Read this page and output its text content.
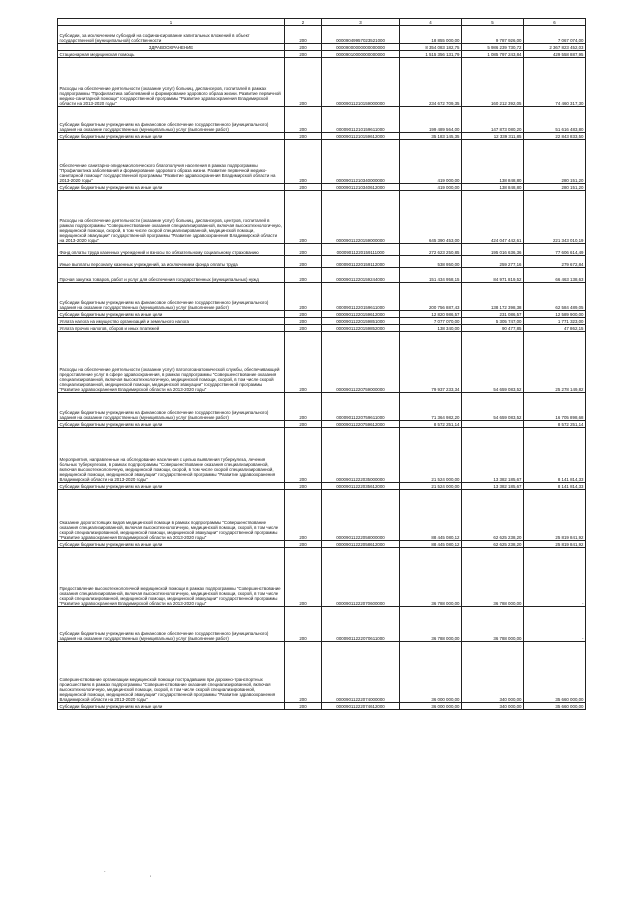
1	2	3	4	5	6
Субсидии, за исключением субсидий на софинансирование капитальных вложений в объект государственной (муниципальной) собственности	200	00009049957023521000	18 855 000,00	9 787 926,00	7 067 074,00
ЗДРАВООХРАНЕНИЕ	200	00009000000000000000	8 354 083 182,75	5 986 239 730,72	2 367 823 452,03
Стационарная медицинская помощь	200	00009010000000000000	1 515 356 131,79	1 085 797 243,84	429 558 887,95
Расходы на обеспечение деятельности (оказание услуг) больниц, диспансеров, госпиталей в рамках подпрограммы "Профилактика заболеваний и формирование здорового образа жизни. Развитие первичной медико-санитарной помощи" государственной программы "Развитие здравоохранения Владимирской области на 2013-2020 годы"	200	00009011210159000000	234 672 709,35	160 212 392,05	74 460 317,30
Субсидии бюджетным учреждениям на финансовое обеспечение государственного (муниципального) задания на оказание государственных (муниципальных) услуг (выполнение работ)	200	00009011210159611000	199 489 564,00	147 873 080,20	51 616 483,80
Субсидии бюджетным учреждениям на иные цели	200	00009011210159612000	35 183 145,35	12 339 311,85	22 843 833,50
Обеспечение санитарно-эпидемиологического благополучия населения в рамках подпрограммы "Профилактика заболеваний и формирование здорового образа жизни. Развитие первичной медико-санитарной помощи" государственной программы "Развитие здравоохранения Владимирской области на 2013-2020 годы"	200	00009011210340000000	419 000,00	138 848,80	280 151,20
Субсидии бюджетным учреждениям на иные цели	200	00009011210340612000	419 000,00	138 848,80	280 151,20
Расходы на обеспечение деятельности (оказание услуг) больниц, диспансеров, центров, госпиталей в рамках подпрограммы "Совершенствование оказания специализированной, включая высокотехнологичную, медицинской помощи, скорой, в том числе скорой специализированной, медицинской помощи, медицинской эвакуации" государственной программы "Развитие здравоохранения Владимирской области на 2013-2020 годы"	200	00009011220159000000	645 390 453,00	424 047 442,61	221 343 010,19
Фонд оплаты труда казенных учреждений и взносы по обязательному социальному страхованию	200	00009011220159111000	272 623 250,85	195 016 636,36	77 606 614,49
Иные выплаты персоналу казенных учреждений, за исключением фонда оплаты труда	200	00009011220159112000	538 950,00	259 277,16	279 672,84
Прочая закупка товаров, работ и услуг для обеспечения государственных (муниципальных) нужд	200	00009011220159244000	151 434 958,15	84 971 819,52	66 463 138,63
Субсидии бюджетным учреждениям на финансовое обеспечение государственного (муниципального) задания на оказание государственных (муниципальных) услуг (выполнение работ)	200	00009011220159611000	200 756 887,43	138 172 398,38	62 584 489,05
Субсидии бюджетным учреждениям на иные цели	200	00009011220159612000	12 820 986,57	231 086,57	12 589 900,00
Уплата налога на имущество организаций и земельного налога	200	00009011220159851000	7 077 070,00	5 305 747,00	1 771 323,00
Уплата прочих налогов, сборов и иных платежей	200	00009011220159852000	138 340,00	90 477,85	47 862,15
Расходы на обеспечение деятельности (оказание услуг) патологоанатомической службы, обеспечивающей предоставление услуг в сфере здравоохранения, в рамках подпрограммы "Совершенствование оказания специализированной, включая высокотехнологичную, медицинской помощи, скорой, в том числе скорой специализированной, медицинской помощи, медицинской эвакуации" государственной программы "Развитие здравоохранения Владимирской области на 2013-2020 годы"	200	00009011220759000000	79 937 233,34	54 659 083,52	25 278 149,82
Субсидии бюджетным учреждениям на финансовое обеспечение государственного (муниципального) задания на оказание государственных (муниципальных) услуг (выполнение работ)	200	00009011220759611000	71 364 982,20	54 659 083,52	16 705 898,68
Субсидии бюджетным учреждениям на иные цели	200	00009011220759612000	8 572 251,14		8 572 251,14
Мероприятия, направленные на обследование населения с целью выявления туберкулеза, лечения больных туберкулезом, в рамках подпрограммы "Совершенствование оказания специализированной, включая высокотехнологичную, медицинской помощи, скорой, в том числе скорой специализированной, медицинской помощи, медицинской эвакуации" государственной программы "Развитие здравоохранения Владимирской области на 2013-2020 годы"	200	00009011222035000000	21 524 000,00	13 382 185,67	8 141 814,33
Субсидии бюджетным учреждениям на иные цели	200	00009011222035612000	21 524 000,00	13 382 185,67	8 141 814,33
Оказание дорогостоящих видов медицинской помощи в рамках подпрограммы "Совершенствование оказания специализированной, включая высокотехнологичную, медицинской помощи, скорой, в том числе скорой специализированной, медицинской помощи, медицинской эвакуации" государственной программы "Развитие здравоохранения Владимирской области на 2013-2020 годы"	200	00009011222058000000	88 445 080,12	62 625 238,20	25 819 841,92
Субсидии бюджетным учреждениям на иные цели	200	00009011222058612000	88 445 080,12	62 625 238,20	25 819 841,92
Предоставление высокотехнологичной медицинской помощи в рамках подпрограммы "Совершенствование оказания специализированной, включая высокотехнологичную, медицинской помощи, скорой, в том числе скорой специализированной, медицинской помощи, медицинской эвакуации" государственной программы "Развитие здравоохранения Владимирской области на 2013-2020 годы"	200	00009011222070600000	36 788 000,00	36 788 000,00	-
Субсидии бюджетным учреждениям на финансовое обеспечение государственного (муниципального) задания на оказание государственных (муниципальных) услуг (выполнение работ)	200	00009011222070611000	36 788 000,00	36 788 000,00	-
Совершенствование организации медицинской помощи пострадавшим при дорожно-транспортных происшествиях в рамках подпрограммы "Совершенствование оказания специализированной, включая высокотехнологичную, медицинской помощи, скорой, в том числе скорой специализированной, медицинской помощи, медицинской эвакуации" государственной программы "Развитие здравоохранения Владимирской области на 2013-2020 годы"	200	00009011222074000000	36 000 000,00	340 000,00	35 660 000,00
Субсидии бюджетным учреждениям на иные цели	200	00009011222074612000	36 000 000,00	340 000,00	35 660 000,00
'
.
